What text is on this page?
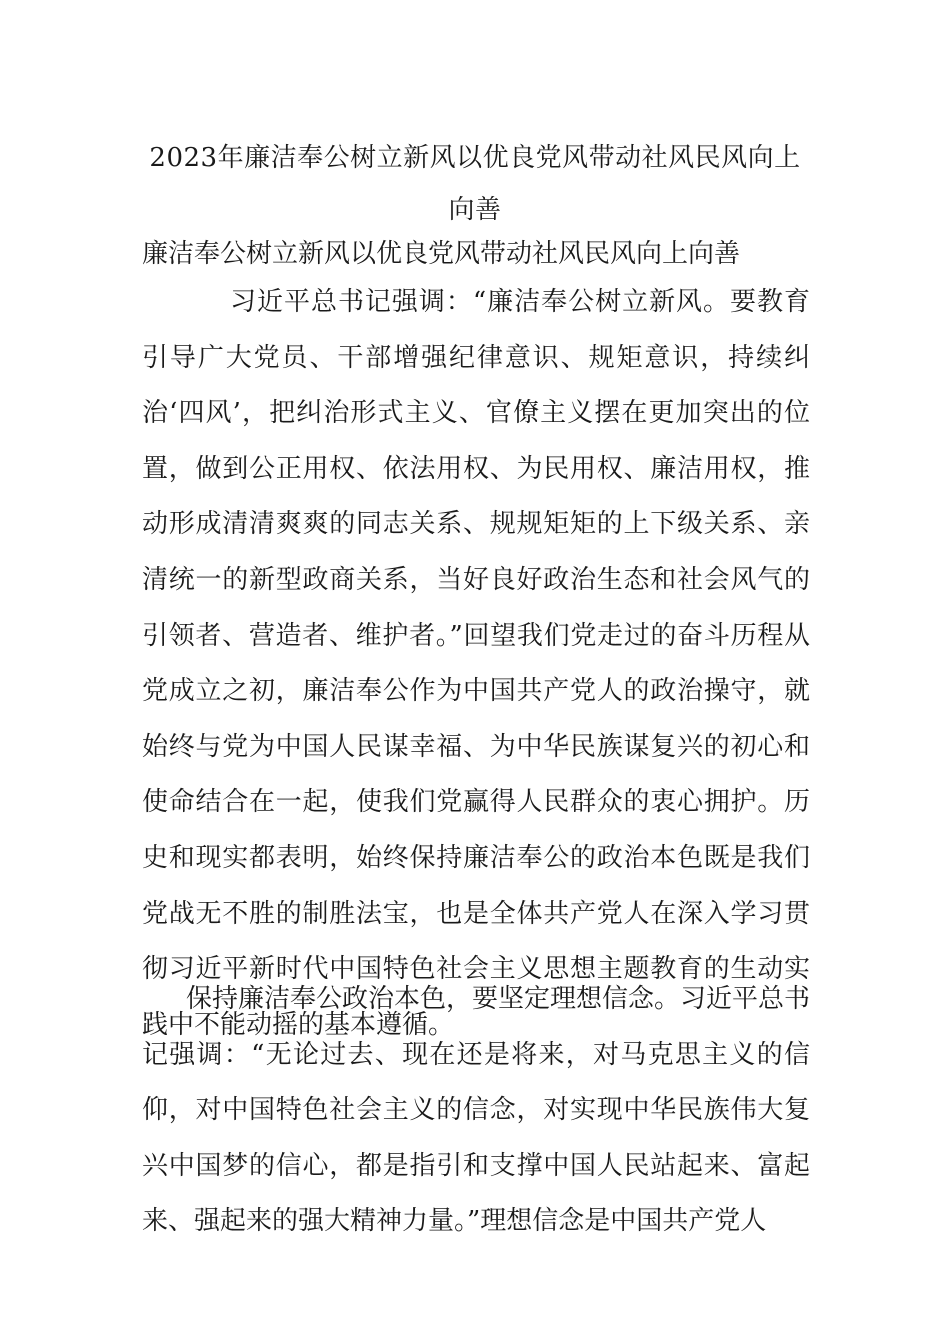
2023年廉洁奉公树立新风以优良党风带动社风民风向上向善
廉洁奉公树立新风以优良党风带动社风民风向上向善
习近平总书记强调：“廉洁奉公树立新风。要教育引导广大党员、干部增强纪律意识、规矩意识，持续纠治‘四风’，把纠治形式主义、官僚主义摆在更加突出的位置，做到公正用权、依法用权、为民用权、廉洁用权，推动形成清清爽爽的同志关系、规规矩矩的上下级关系、亲清统一的新型政商关系，当好良好政治生态和社会风气的引领者、营造者、维护者。”回望我们党走过的奋斗历程从党成立之初，廉洁奉公作为中国共产党人的政治操守，就始终与党为中国人民谋幸福、为中华民族谋复兴的初心和使命结合在一起，使我们党赢得人民群众的衷心拥护。历史和现实都表明，始终保持廉洁奉公的政治本色既是我们党战无不胜的制胜法宝，也是全体共产党人在深入学习贯彻习近平新时代中国特色社会主义思想主题教育的生动实践中不能动摇的基本遵循。
保持廉洁奉公政治本色，要坚定理想信念。习近平总书记强调：“无论过去、现在还是将来，对马克思主义的信仰，对中国特色社会主义的信念，对实现中华民族伟大复兴中国梦的信心，都是指引和支撑中国人民站起来、富起来、强起来的强大精神力量。”理想信念是中国共产党人
